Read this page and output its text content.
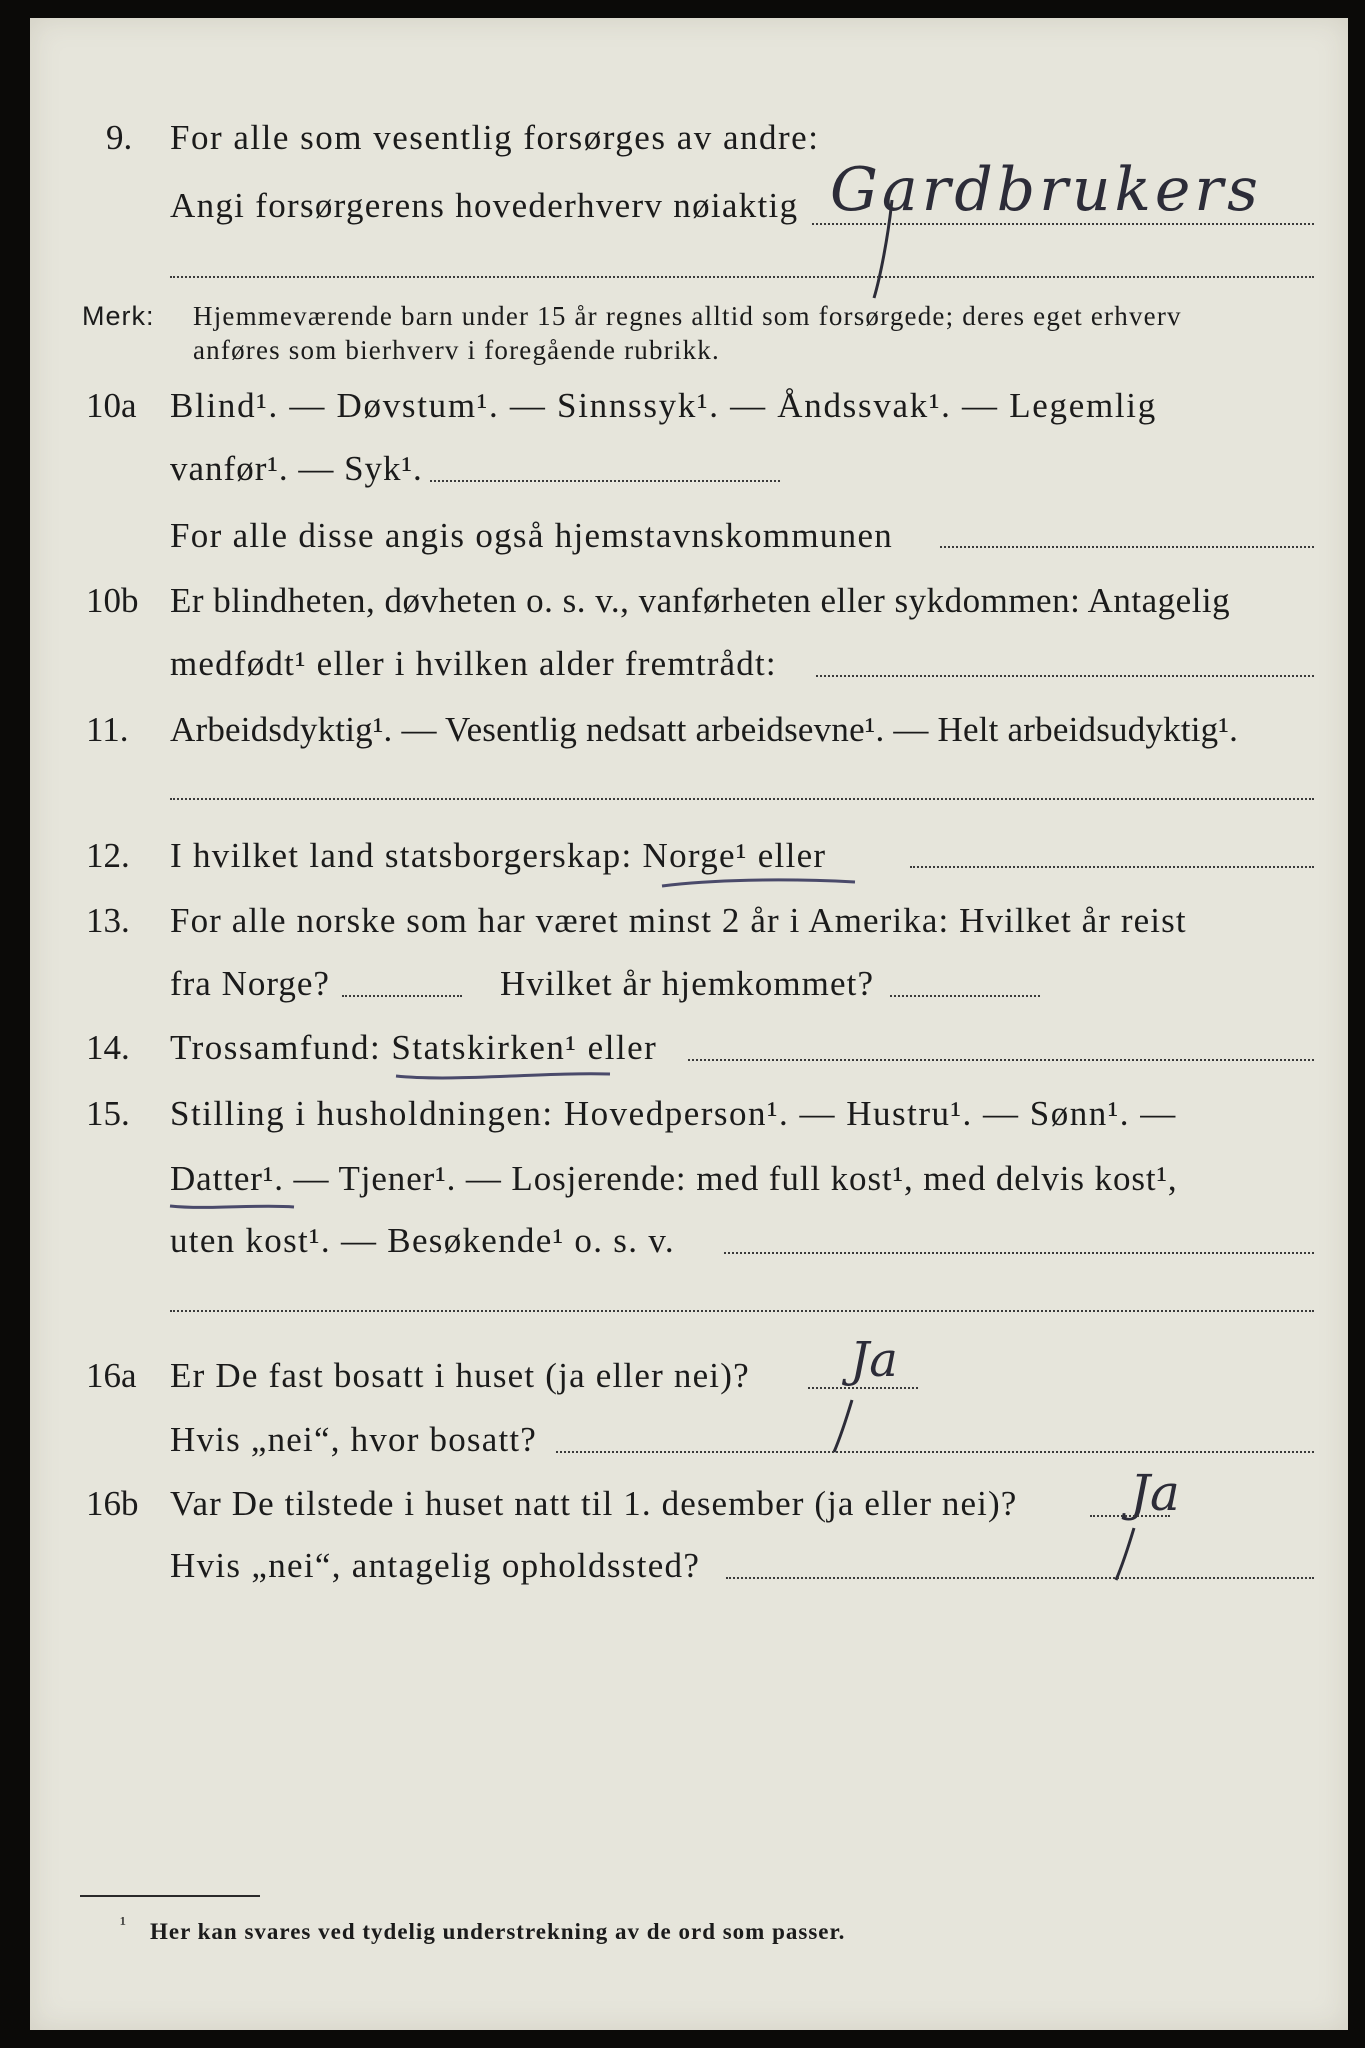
9. For alle som vesentlig forsørges av andre:
Angi forsørgerens hovederhverv nøiaktig Gardbrukers
Merk: Hjemmeværende barn under 15 år regnes alltid som forsørgede; deres eget erhverv
anføres som bierhverv i foregående rubrikk.
10a Blind¹. — Døvstum¹. — Sinnssyk¹. — Åndssvak¹. — Legemlig
vanfør¹. — Syk¹.
For alle disse angis også hjemstavnskommunen
10b Er blindheten, døvheten o. s. v., vanførheten eller sykdommen: Antagelig
medfødt¹ eller i hvilken alder fremtrådt:
11. Arbeidsdyktig¹. — Vesentlig nedsatt arbeidsevne¹. — Helt arbeidsudyktig¹.
12. I hvilket land statsborgerskap: Norge¹ eller
13. For alle norske som har været minst 2 år i Amerika: Hvilket år reist
fra Norge?	Hvilket år hjemkommet?
14. Trossamfund: Statskirken¹ eller
15. Stilling i husholdningen: Hovedperson¹. — Hustru¹. — Sønn¹. —
Datter¹. — Tjener¹. — Losjerende: med full kost¹, med delvis kost¹,
uten kost¹. — Besøkende¹ o. s. v.
16a Er De fast bosatt i huset (ja eller nei)? Ja
Hvis „nei“, hvor bosatt?
16b Var De tilstede i huset natt til 1. desember (ja eller nei)? Ja
Hvis „nei“, antagelig opholdssted?
¹ Her kan svares ved tydelig understrekning av de ord som passer.
